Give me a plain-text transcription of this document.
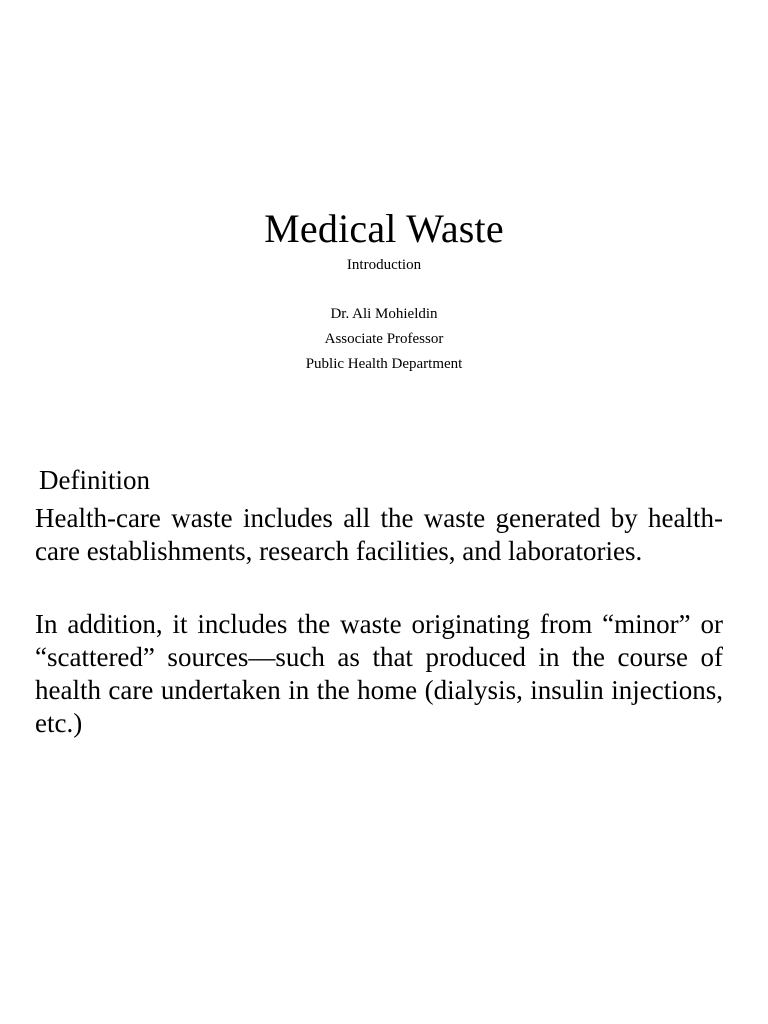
Medical Waste

Introduction

Dr. Ali Mohieldin
Associate Professor
Public Health Department
Definition

Health-care waste includes all the waste generated by health-care establishments, research facilities, and laboratories.

In addition, it includes the waste originating from “minor” or “scattered” sources—such as that produced in the course of health care undertaken in the home (dialysis, insulin injections, etc.)
